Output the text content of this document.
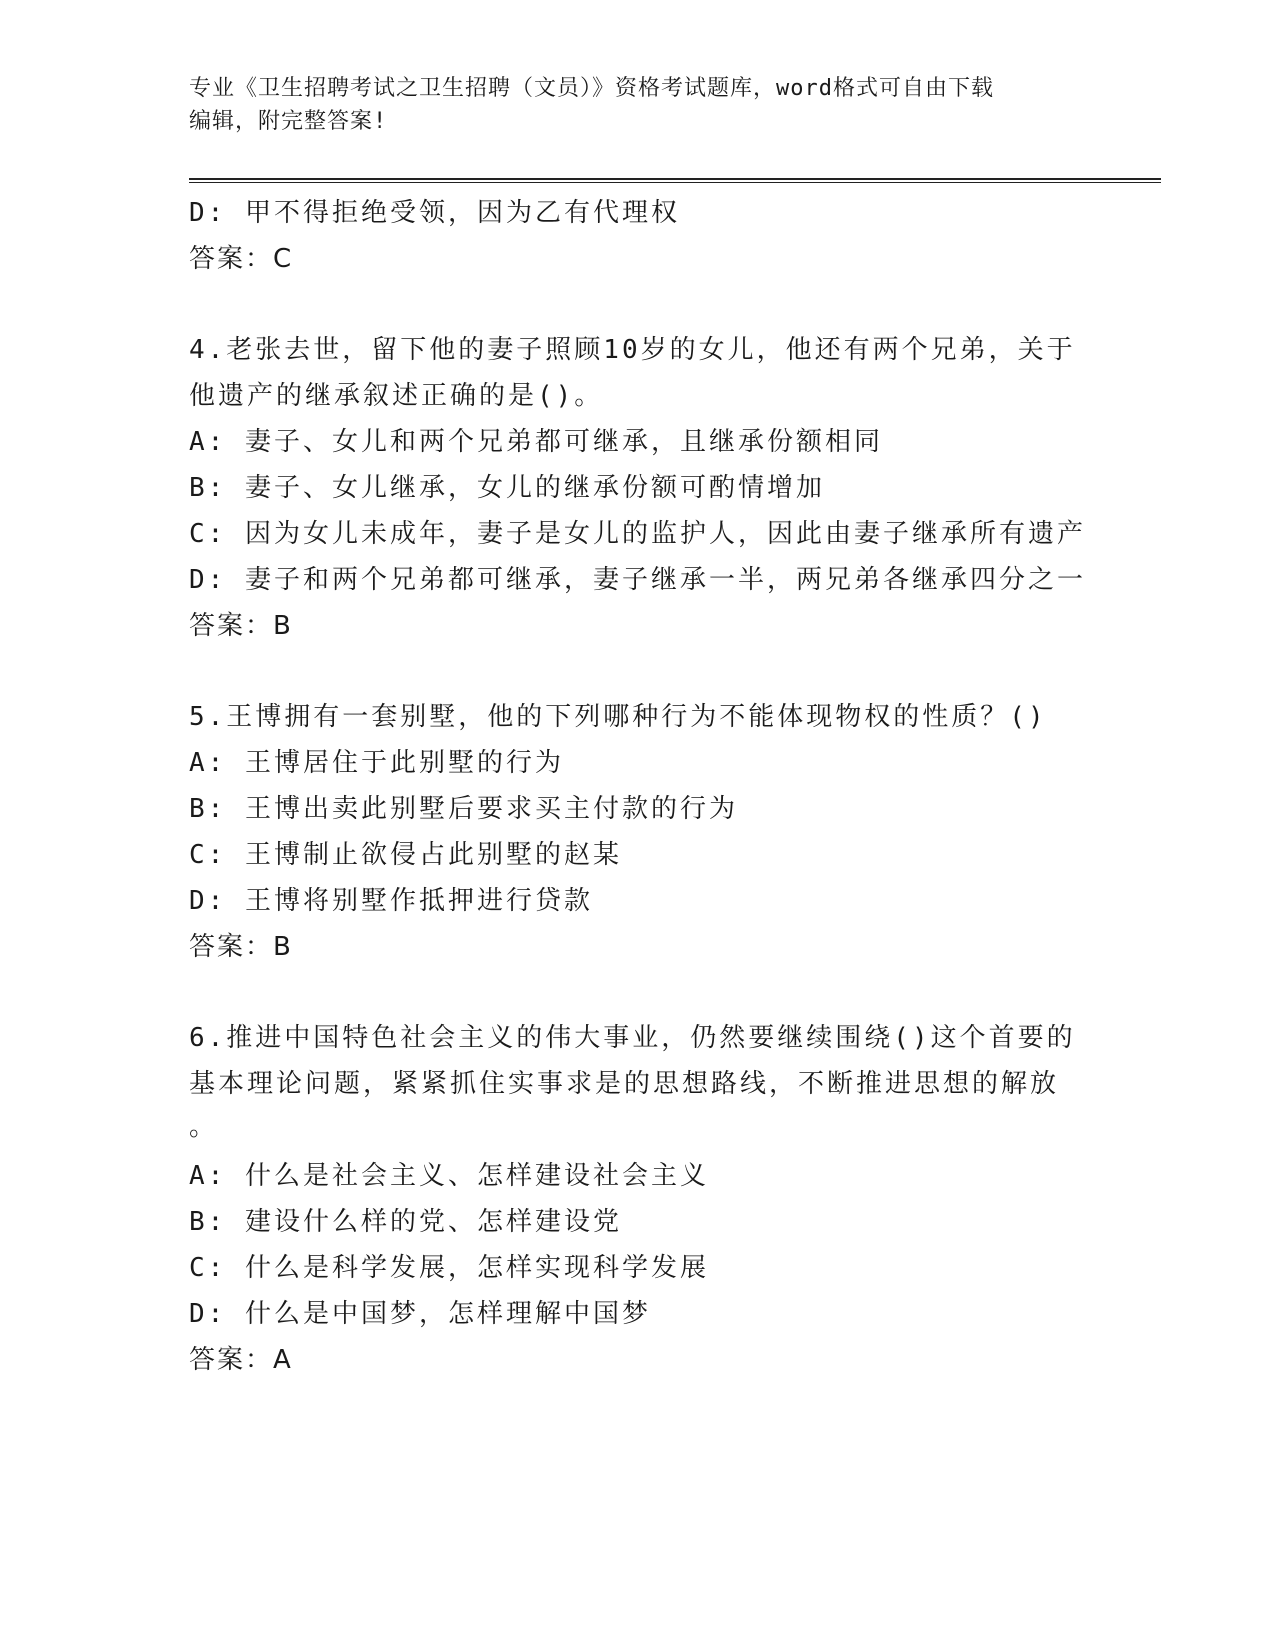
专业《卫生招聘考试之卫生招聘（文员）》资格考试题库，word格式可自由下载
编辑，附完整答案!
D: 甲不得拒绝受领，因为乙有代理权
答案：C
4.老张去世，留下他的妻子照顾10岁的女儿，他还有两个兄弟，关于
他遗产的继承叙述正确的是()。
A: 妻子、女儿和两个兄弟都可继承，且继承份额相同
B: 妻子、女儿继承，女儿的继承份额可酌情增加
C: 因为女儿未成年，妻子是女儿的监护人，因此由妻子继承所有遗产
D: 妻子和两个兄弟都可继承，妻子继承一半，两兄弟各继承四分之一
答案：B
5.王博拥有一套别墅，他的下列哪种行为不能体现物权的性质？()
A: 王博居住于此别墅的行为
B: 王博出卖此别墅后要求买主付款的行为
C: 王博制止欲侵占此别墅的赵某
D: 王博将别墅作抵押进行贷款
答案：B
6.推进中国特色社会主义的伟大事业，仍然要继续围绕()这个首要的
基本理论问题，紧紧抓住实事求是的思想路线，不断推进思想的解放
。
A: 什么是社会主义、怎样建设社会主义
B: 建设什么样的党、怎样建设党
C: 什么是科学发展，怎样实现科学发展
D: 什么是中国梦，怎样理解中国梦
答案：A
